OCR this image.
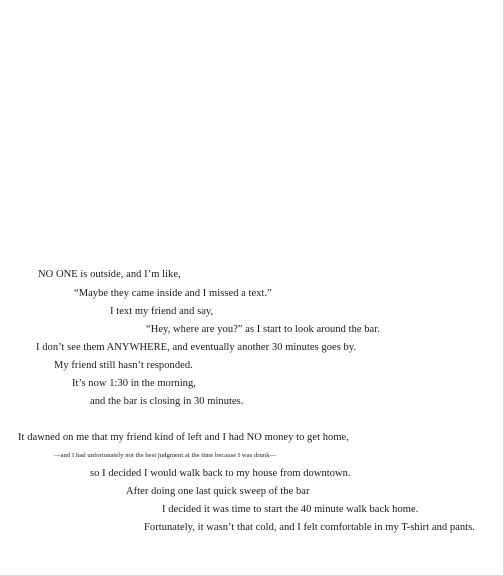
NO ONE is outside, and I’m like,
“Maybe they came inside and I missed a text.”
I text my friend and say,
“Hey, where are you?” as I start to look around the bar.
I don’t see them ANYWHERE, and eventually another 30 minutes goes by.
My friend still hasn’t responded.
It’s now 1:30 in the morning,
and the bar is closing in 30 minutes.
It dawned on me that my friend kind of left and I had NO money to get home,
—and I had unfortunately not the best judgment at the time because I was drunk—
so I decided I would walk back to my house from downtown.
After doing one last quick sweep of the bar
I decided it was time to start the 40 minute walk back home.
Fortunately, it wasn’t that cold, and I felt comfortable in my T-shirt and pants.
